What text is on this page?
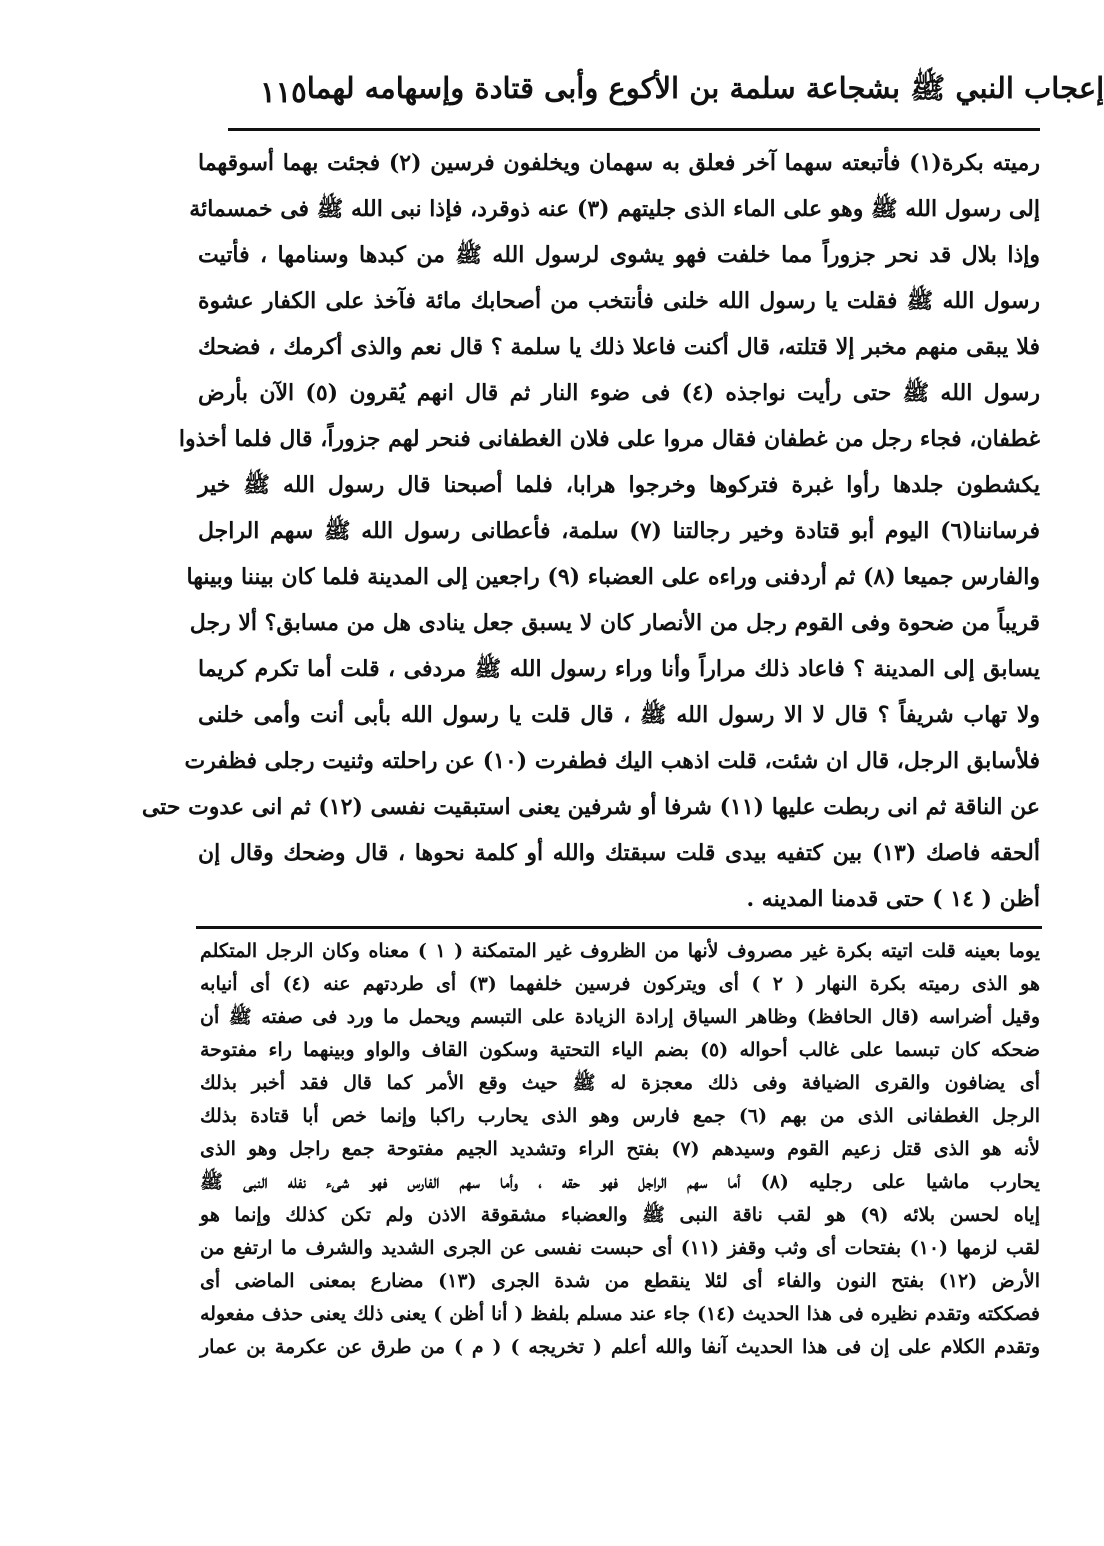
١١٥ إعجاب النبي ﷺ بشجاعة سلمة بن الأكوع وأبى قتادة وإسهامه لهما
رميته بكرة(١) فأتبعته سهما آخر فعلق به سهمان ويخلفون فرسين (٢) فجئت بهما أسوقهما
إلى رسول الله ﷺ وهو على الماء الذى جليتهم (٣) عنه ذوقرد، فإذا نبى الله ﷺ فى خمسمائة
وإذا بلال قد نحر جزوراً مما خلفت فهو يشوى لرسول الله ﷺ من كبدها وسنامها ، فأتيت
رسول الله ﷺ فقلت يا رسول الله خلنى فأنتخب من أصحابك مائة فآخذ على الكفار عشوة
فلا يبقى منهم مخبر إلا قتلته، قال أكنت فاعلا ذلك يا سلمة ؟ قال نعم والذى أكرمك ، فضحك
رسول الله ﷺ حتى رأيت نواجذه (٤) فى ضوء النار ثم قال انهم يُقرون (٥) الآن بأرض
غطفان، فجاء رجل من غطفان فقال مروا على فلان الغطفانى فنحر لهم جزوراً، قال فلما أخذوا
يكشطون جلدها رأوا غبرة فتركوها وخرجوا هرابا، فلما أصبحنا قال رسول الله ﷺ خير
فرساننا(٦) اليوم أبو قتادة وخير رجالتنا (٧) سلمة، فأعطانى رسول الله ﷺ سهم الراجل
والفارس جميعا (٨) ثم أردفنى وراءه على العضباء (٩) راجعين إلى المدينة فلما كان بيننا وبينها
قريباً من ضحوة وفى القوم رجل من الأنصار كان لا يسبق جعل ينادى هل من مسابق؟ ألا رجل
يسابق إلى المدينة ؟ فاعاد ذلك مراراً وأنا وراء رسول الله ﷺ مردفى ، قلت أما تكرم كريما
ولا تهاب شريفاً ؟ قال لا الا رسول الله ﷺ ، قال قلت يا رسول الله بأبى أنت وأمى خلنى
فلأسابق الرجل، قال ان شئت، قلت اذهب اليك فطفرت (١٠) عن راحلته وثنيت رجلى فظفرت
عن الناقة ثم انى ربطت عليها (١١) شرفا أو شرفين يعنى استبقيت نفسى (١٢) ثم انى عدوت حتى
ألحقه فاصك (١٣) بين كتفيه بيدى قلت سبقتك والله أو كلمة نحوها ، قال وضحك وقال إن
أظن ( ١٤ ) حتى قدمنا المدينه .
يوما بعينه قلت اتيته بكرة غير مصروف لأنها من الظروف غير المتمكنة ( ١ ) معناه وكان الرجل المتكلم
هو الذى رميته بكرة النهار ( ٢ ) أى ويتركون فرسين خلفهما (٣) أى طردتهم عنه (٤) أى أنيابه
وقيل أضراسه (قال الحافظ) وظاهر السياق إرادة الزيادة على التبسم ويحمل ما ورد فى صفته ﷺ أن
ضحكه كان تبسما على غالب أحواله (٥) بضم الياء التحتية وسكون القاف والواو وبينهما راء مفتوحة
أى يضافون والقرى الضيافة وفى ذلك معجزة له ﷺ حيث وقع الأمر كما قال فقد أخبر بذلك
الرجل الغطفانى الذى من بهم (٦) جمع فارس وهو الذى يحارب راكبا وإنما خص أبا قتادة بذلك
لأنه هو الذى قتل زعيم القوم وسيدهم (٧) بفتح الراء وتشديد الجيم مفتوحة جمع راجل وهو الذى
يحارب ماشيا على رجليه (٨) أما سهم الراجل فهو حقه ، وأما سهم الفارس فهو شىء نفله النبى ﷺ
إياه لحسن بلائه (٩) هو لقب ناقة النبى ﷺ والعضباء مشقوقة الاذن ولم تكن كذلك وإنما هو
لقب لزمها (١٠) بفتحات أى وثب وقفز (١١) أى حبست نفسى عن الجرى الشديد والشرف ما ارتفع من
الأرض (١٢) بفتح النون والفاء أى لئلا ينقطع من شدة الجرى (١٣) مضارع بمعنى الماضى أى
فصككته وتقدم نظيره فى هذا الحديث (١٤) جاء عند مسلم بلفظ ( أنا أظن ) يعنى ذلك يعنى حذف مفعوله
وتقدم الكلام على إن فى هذا الحديث آنفا والله أعلم ( تخريجه ) ( م ) من طرق عن عكرمة بن عمار
